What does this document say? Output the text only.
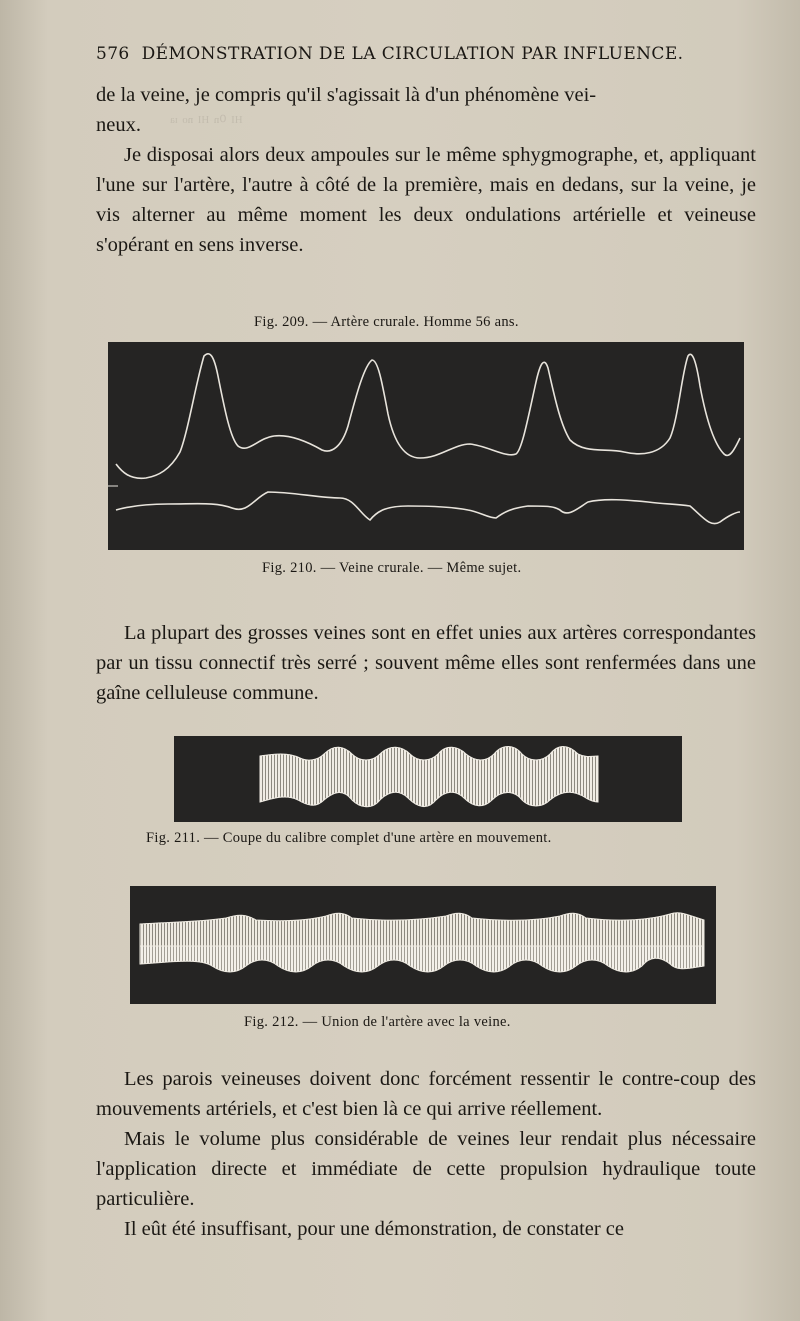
ᴴᴵ ⁰ⁿ ᴴᴵ ⁿᵒ ᶦᵃ
576 DÉMONSTRATION DE LA CIRCULATION PAR INFLUENCE.

de la veine, je compris qu'il s'agissait là d'un phénomène vei-
neux.

Je disposai alors deux ampoules sur le même sphygmographe, et, appliquant l'une sur l'artère, l'autre à côté de la première, mais en dedans, sur la veine, je vis alterner au même moment les deux ondulations artérielle et veineuse s'opérant en sens inverse.

Fig. 209. — Artère crurale. Homme 56 ans.
Fig. 210. — Veine crurale. — Même sujet.

La plupart des grosses veines sont en effet unies aux artères correspondantes par un tissu connectif très serré ; souvent même elles sont renfermées dans une gaîne celluleuse commune.

Fig. 211. — Coupe du calibre complet d'une artère en mouvement.
Fig. 212. — Union de l'artère avec la veine.

Les parois veineuses doivent donc forcément ressentir le contre-coup des mouvements artériels, et c'est bien là ce qui arrive réellement.

Mais le volume plus considérable de veines leur rendait plus nécessaire l'application directe et immédiate de cette propulsion hydraulique toute particulière.

Il eût été insuffisant, pour une démonstration, de constater ce
